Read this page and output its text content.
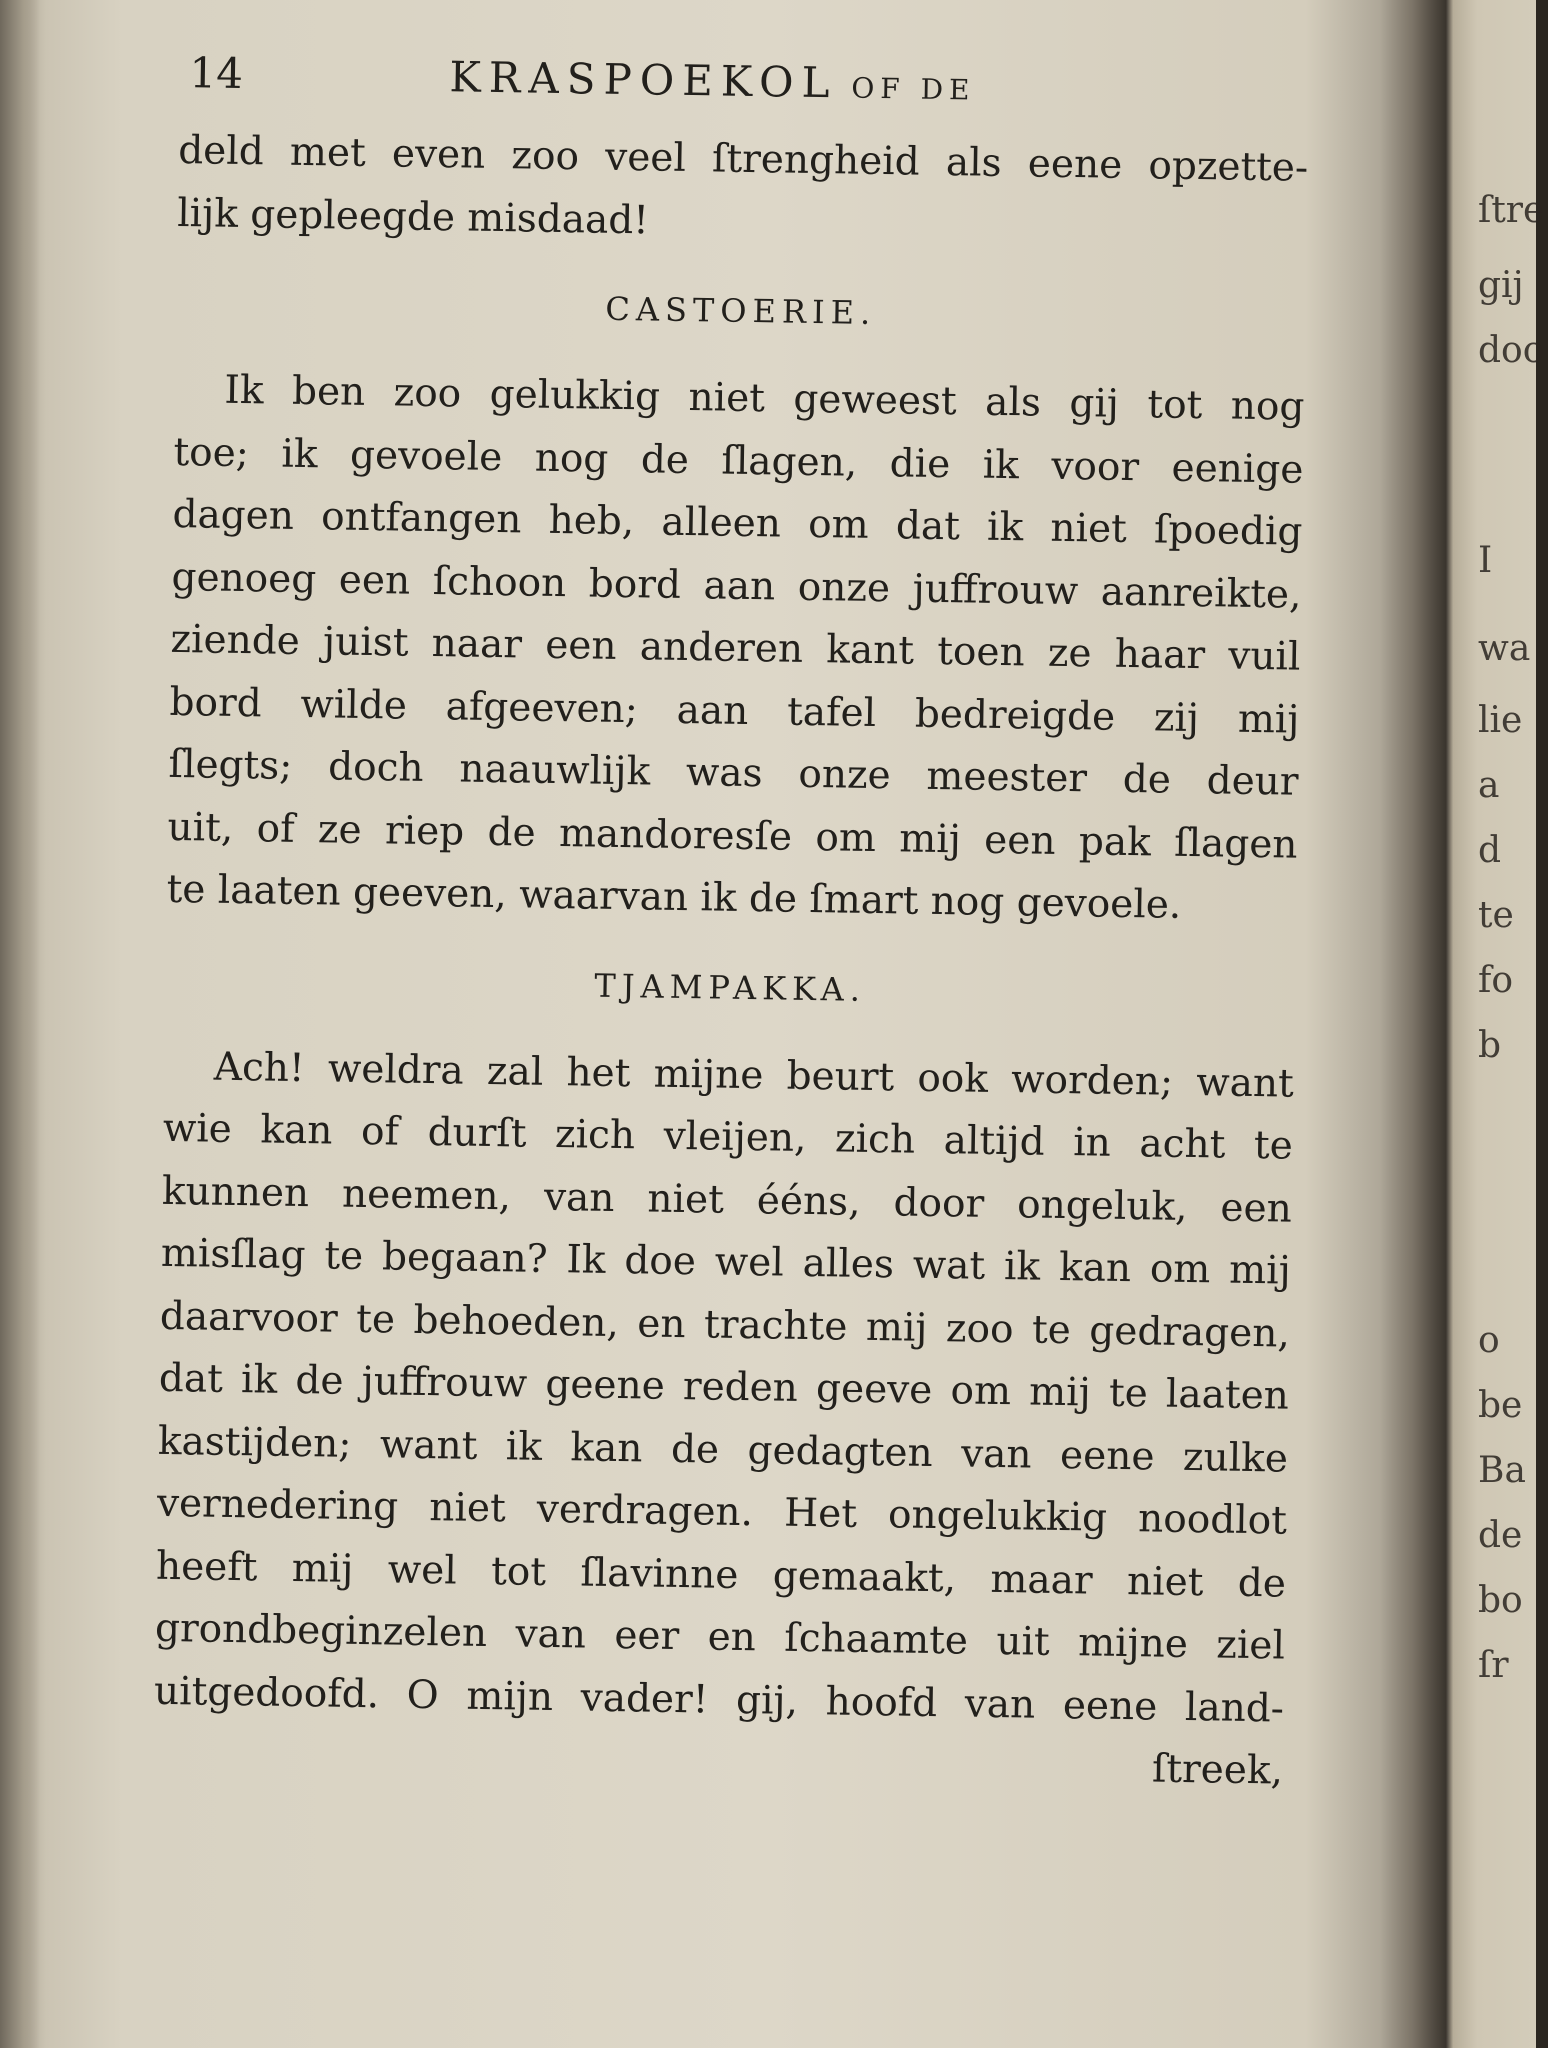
14	KRASPOEKOL OF DE

deld met even zoo veel ſtrengheid als eene opzette-
lijk gepleegde misdaad!

CASTOERIE.

Ik ben zoo gelukkig niet geweest als gij tot nog
toe; ik gevoele nog de ſlagen, die ik voor eenige
dagen ontfangen heb, alleen om dat ik niet ſpoedig
genoeg een ſchoon bord aan onze juffrouw aanreikte,
ziende juist naar een anderen kant toen ze haar vuil
bord wilde afgeeven; aan tafel bedreigde zij mij
ſlegts; doch naauwlijk was onze meester de deur
uit, of ze riep de mandoresſe om mij een pak ſlagen
te laaten geeven, waarvan ik de ſmart nog gevoele.

TJAMPAKKA.

Ach! weldra zal het mijne beurt ook worden; want
wie kan of durſt zich vleijen, zich altijd in acht te
kunnen neemen, van niet ééns, door ongeluk, een
misſlag te begaan? Ik doe wel alles wat ik kan om mij
daarvoor te behoeden, en trachte mij zoo te gedragen,
dat ik de juffrouw geene reden geeve om mij te laaten
kastijden; want ik kan de gedagten van eene zulke
vernedering niet verdragen. Het ongelukkig noodlot
heeft mij wel tot ſlavinne gemaakt, maar niet de
grondbeginzelen van eer en ſchaamte uit mijne ziel
uitgedoofd. O mijn vader! gij, hoofd van eene land-
ſtreek,

ſtre
gij
doo
I
wa
lie
a
d
te
fo
b
o
be
Ba
de
bo
ſr
